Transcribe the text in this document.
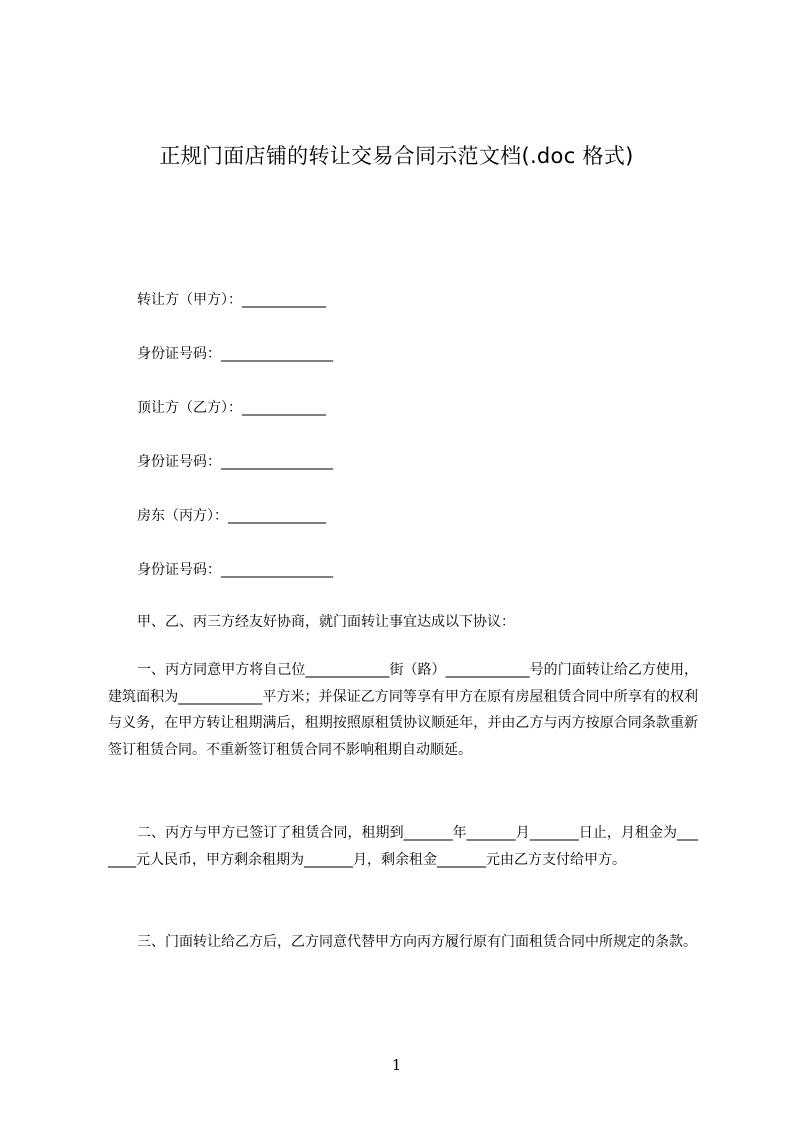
正规门面店铺的转让交易合同示范文档(.doc 格式)
转让方（甲方）：____________
身份证号码：________________
顶让方（乙方）：____________
身份证号码：________________
房东（丙方）：______________
身份证号码：________________
甲、乙、丙三方经友好协商，就门面转让事宜达成以下协议：
一、丙方同意甲方将自己位____________街（路）____________号的门面转让给乙方使用，建筑面积为____________平方米；并保证乙方同等享有甲方在原有房屋租赁合同中所享有的权利与义务，在甲方转让租期满后，租期按照原租赁协议顺延年，并由乙方与丙方按原合同条款重新签订租赁合同。不重新签订租赁合同不影响租期自动顺延。
二、丙方与甲方已签订了租赁合同，租期到_______年_______月_______日止，月租金为_______元人民币，甲方剩余租期为_______月，剩余租金_______元由乙方支付给甲方。
三、门面转让给乙方后，乙方同意代替甲方向丙方履行原有门面租赁合同中所规定的条款。
1
